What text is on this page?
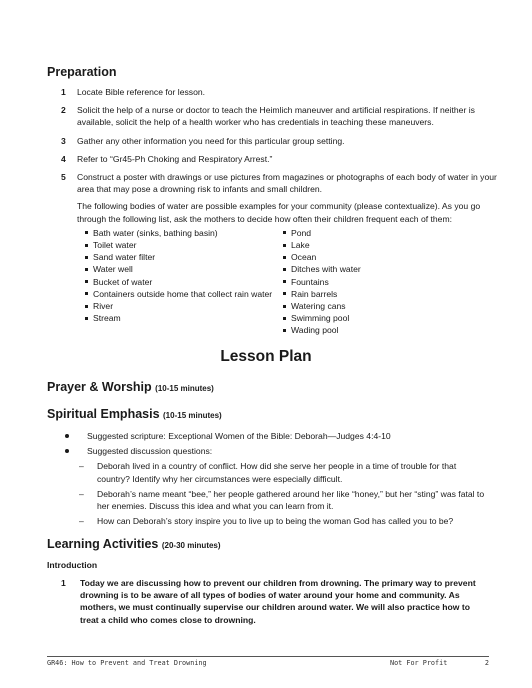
Preparation
1	Locate Bible reference for lesson.
2	Solicit the help of a nurse or doctor to teach the Heimlich maneuver and artificial respirations. If neither is available, solicit the help of a health worker who has credentials in teaching these maneuvers.
3	Gather any other information you need for this particular group setting.
4	Refer to “Gr45-Ph Choking and Respiratory Arrest.”
5	Construct a poster with drawings or use pictures from magazines or photographs of each body of water in your area that may pose a drowning risk to infants and small children.
The following bodies of water are possible examples for your community (please contextualize). As you go through the following list, ask the mothers to decide how often their children frequent each of them:
Bath water (sinks, bathing basin)
Toilet water
Sand water filter
Water well
Bucket of water
Containers outside home that collect rain water
River
Stream
Pond
Lake
Ocean
Ditches with water
Fountains
Rain barrels
Watering cans
Swimming pool
Wading pool
Lesson Plan
Prayer & Worship (10-15 minutes)
Spiritual Emphasis (10-15 minutes)
Suggested scripture: Exceptional Women of the Bible: Deborah—Judges 4:4-10
Suggested discussion questions:
–	Deborah lived in a country of conflict. How did she serve her people in a time of trouble for that country? Identify why her circumstances were especially difficult.
–	Deborah’s name meant “bee,” her people gathered around her like “honey,” but her “sting” was fatal to her enemies. Discuss this idea and what you can learn from it.
–	How can Deborah’s story inspire you to live up to being the woman God has called you to be?
Learning Activities (20-30 minutes)
Introduction
1	Today we are discussing how to prevent our children from drowning. The primary way to prevent drowning is to be aware of all types of bodies of water around your home and community. As mothers, we must continually supervise our children around water. We will also practice how to treat a child who comes close to drowning.
GR46: How to Prevent and Treat Drowning	Not For Profit	2
